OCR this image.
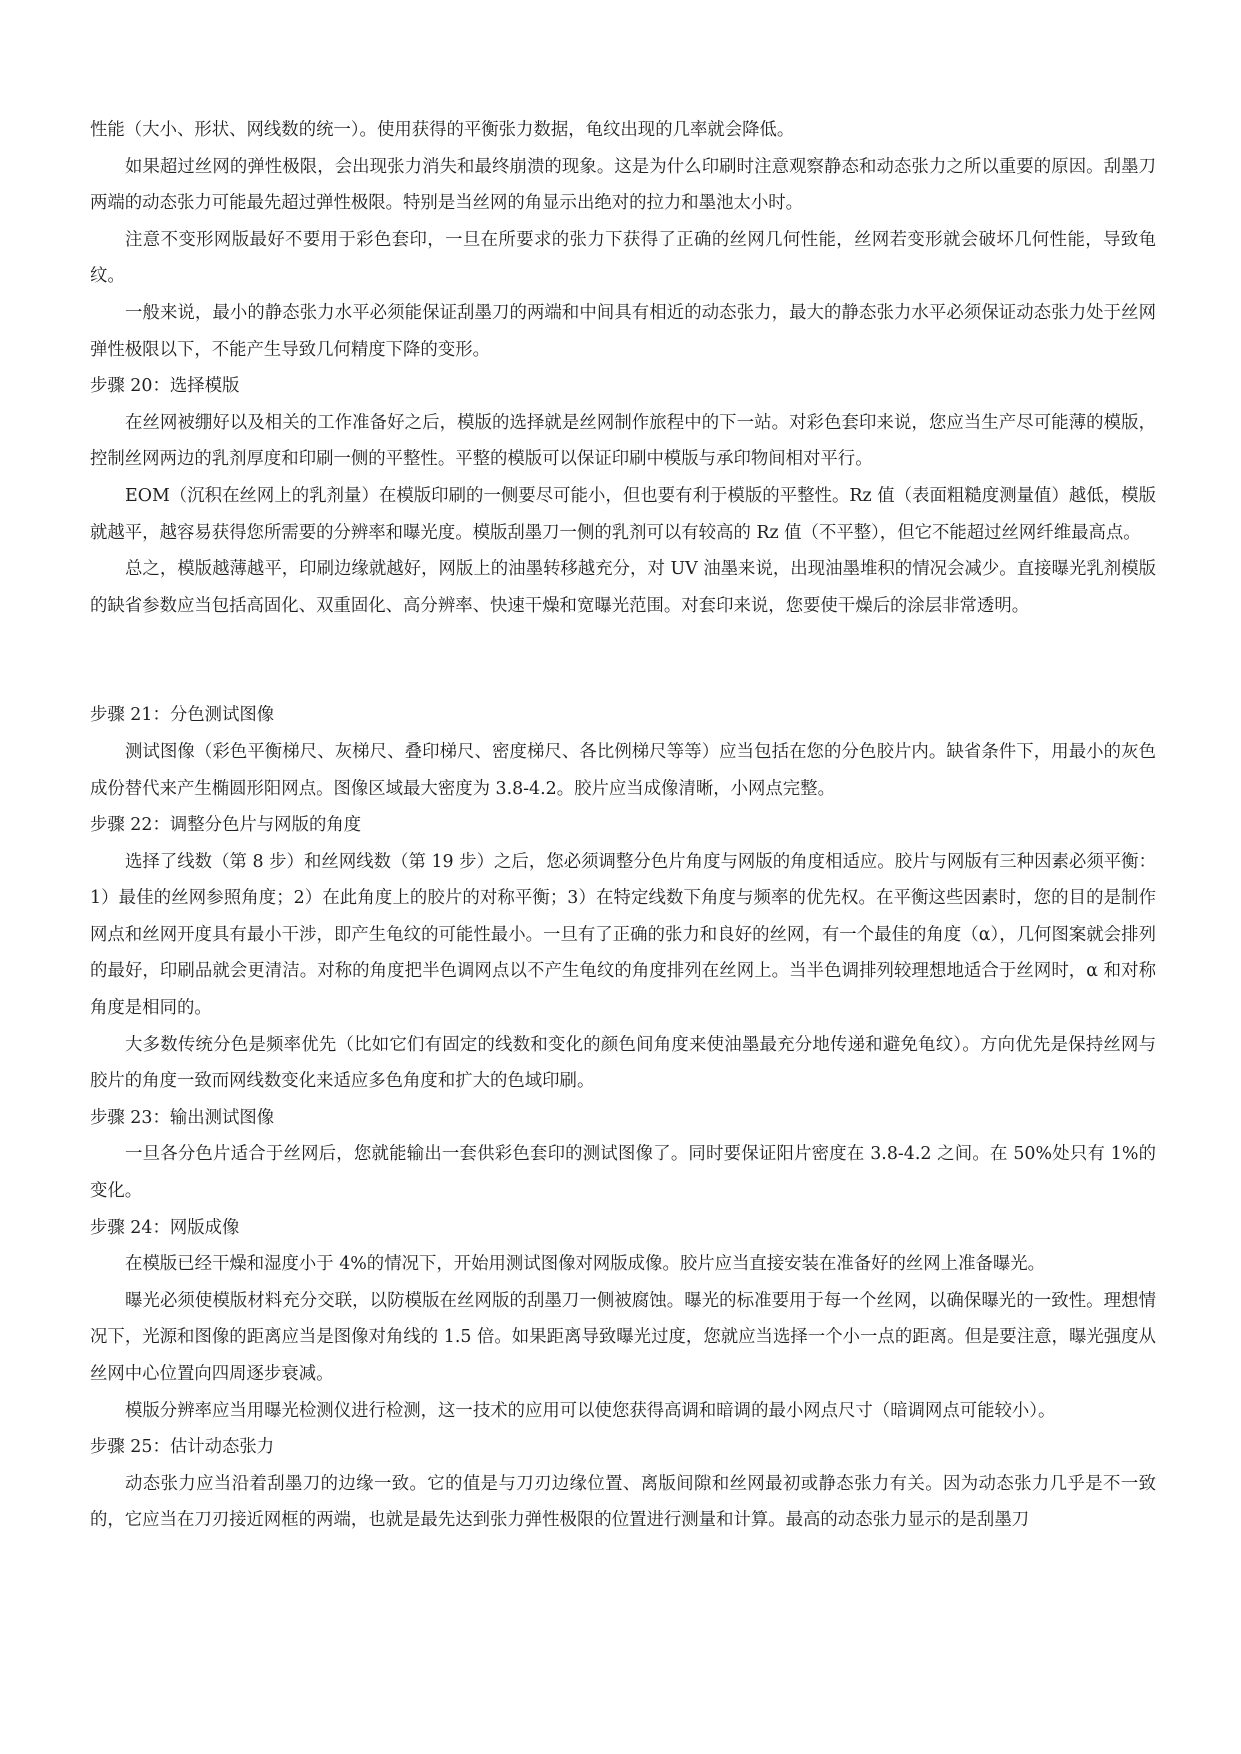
性能（大小、形状、网线数的统一）。使用获得的平衡张力数据，龟纹出现的几率就会降低。

如果超过丝网的弹性极限，会出现张力消失和最终崩溃的现象。这是为什么印刷时注意观察静态和动态张力之所以重要的原因。刮墨刀两端的动态张力可能最先超过弹性极限。特别是当丝网的角显示出绝对的拉力和墨池太小时。

注意不变形网版最好不要用于彩色套印，一旦在所要求的张力下获得了正确的丝网几何性能，丝网若变形就会破坏几何性能，导致龟纹。

一般来说，最小的静态张力水平必须能保证刮墨刀的两端和中间具有相近的动态张力，最大的静态张力水平必须保证动态张力处于丝网弹性极限以下，不能产生导致几何精度下降的变形。

步骤 20：选择模版

在丝网被绷好以及相关的工作准备好之后，模版的选择就是丝网制作旅程中的下一站。对彩色套印来说，您应当生产尽可能薄的模版，控制丝网两边的乳剂厚度和印刷一侧的平整性。平整的模版可以保证印刷中模版与承印物间相对平行。

EOM（沉积在丝网上的乳剂量）在模版印刷的一侧要尽可能小，但也要有利于模版的平整性。Rz 值（表面粗糙度测量值）越低，模版就越平，越容易获得您所需要的分辨率和曝光度。模版刮墨刀一侧的乳剂可以有较高的 Rz 值（不平整），但它不能超过丝网纤维最高点。

总之，模版越薄越平，印刷边缘就越好，网版上的油墨转移越充分，对 UV 油墨来说，出现油墨堆积的情况会减少。直接曝光乳剂模版的缺省参数应当包括高固化、双重固化、高分辨率、快速干燥和宽曝光范围。对套印来说，您要使干燥后的涂层非常透明。

步骤 21：分色测试图像

测试图像（彩色平衡梯尺、灰梯尺、叠印梯尺、密度梯尺、各比例梯尺等等）应当包括在您的分色胶片内。缺省条件下，用最小的灰色成份替代来产生椭圆形阳网点。图像区域最大密度为 3.8-4.2。胶片应当成像清晰，小网点完整。

步骤 22：调整分色片与网版的角度

选择了线数（第 8 步）和丝网线数（第 19 步）之后，您必须调整分色片角度与网版的角度相适应。胶片与网版有三种因素必须平衡：1）最佳的丝网参照角度；2）在此角度上的胶片的对称平衡；3）在特定线数下角度与频率的优先权。在平衡这些因素时，您的目的是制作网点和丝网开度具有最小干涉，即产生龟纹的可能性最小。一旦有了正确的张力和良好的丝网，有一个最佳的角度（α），几何图案就会排列的最好，印刷品就会更清洁。对称的角度把半色调网点以不产生龟纹的角度排列在丝网上。当半色调排列较理想地适合于丝网时，α 和对称角度是相同的。

大多数传统分色是频率优先（比如它们有固定的线数和变化的颜色间角度来使油墨最充分地传递和避免龟纹）。方向优先是保持丝网与胶片的角度一致而网线数变化来适应多色角度和扩大的色域印刷。

步骤 23：输出测试图像

一旦各分色片适合于丝网后，您就能输出一套供彩色套印的测试图像了。同时要保证阳片密度在 3.8-4.2 之间。在 50%处只有 1%的变化。

步骤 24：网版成像

在模版已经干燥和湿度小于 4%的情况下，开始用测试图像对网版成像。胶片应当直接安装在准备好的丝网上准备曝光。

曝光必须使模版材料充分交联，以防模版在丝网版的刮墨刀一侧被腐蚀。曝光的标准要用于每一个丝网，以确保曝光的一致性。理想情况下，光源和图像的距离应当是图像对角线的 1.5 倍。如果距离导致曝光过度，您就应当选择一个小一点的距离。但是要注意，曝光强度从丝网中心位置向四周逐步衰减。

模版分辨率应当用曝光检测仪进行检测，这一技术的应用可以使您获得高调和暗调的最小网点尺寸（暗调网点可能较小）。

步骤 25：估计动态张力

动态张力应当沿着刮墨刀的边缘一致。它的值是与刀刃边缘位置、离版间隙和丝网最初或静态张力有关。因为动态张力几乎是不一致的，它应当在刀刃接近网框的两端，也就是最先达到张力弹性极限的位置进行测量和计算。最高的动态张力显示的是刮墨刀
